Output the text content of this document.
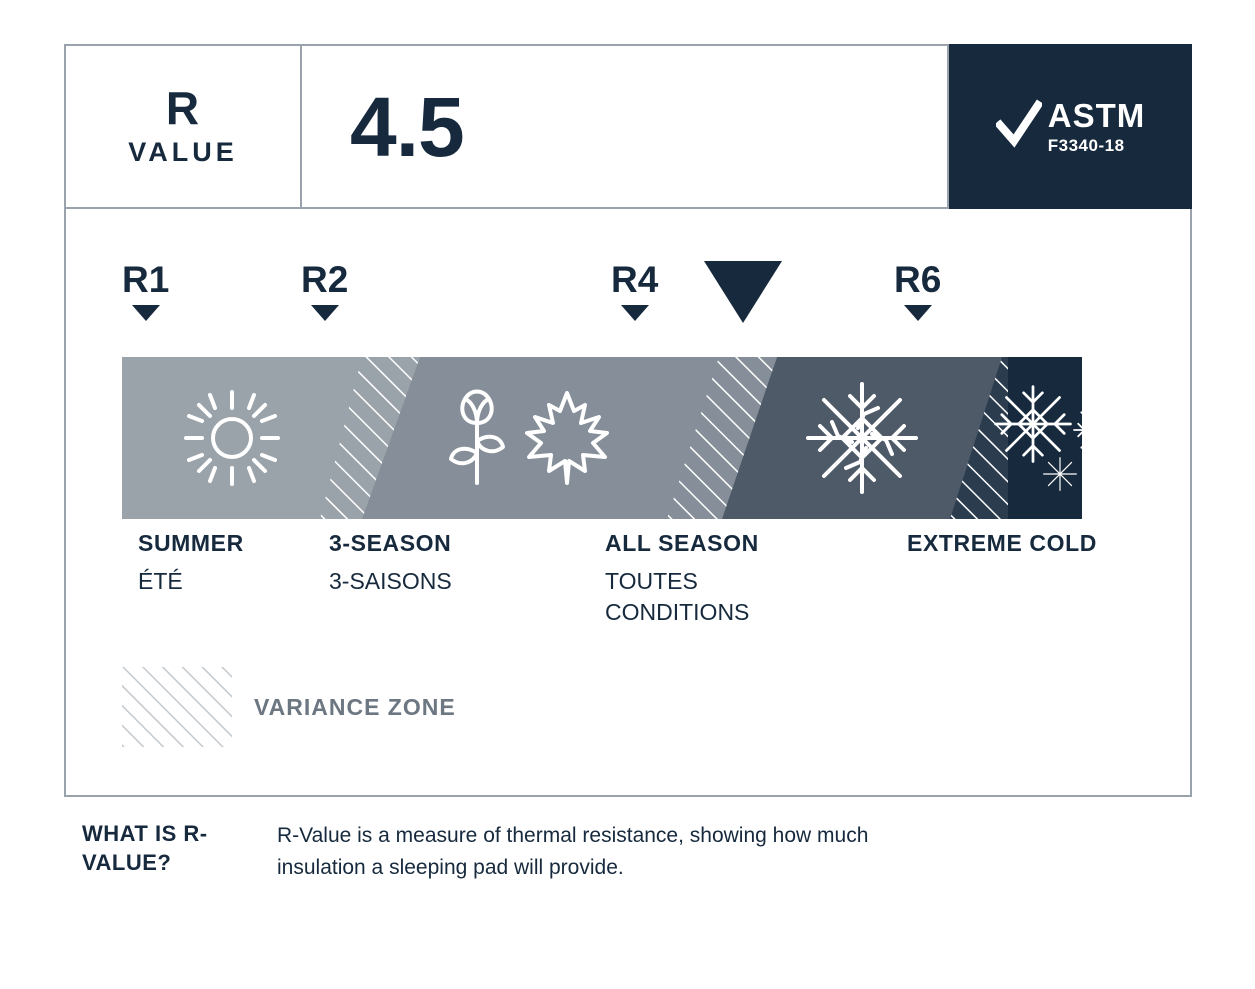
R
VALUE 4.5	ASTM
F3340-18
R1	R2	R4	R6
SUMMER
ÉTÉ
3-SEASON
3-SAISONS
ALL SEASON
TOUTES CONDITIONS
EXTREME COLD
VARIANCE ZONE
WHAT IS R-VALUE?
R-Value is a measure of thermal resistance, showing how much insulation a sleeping pad will provide.
